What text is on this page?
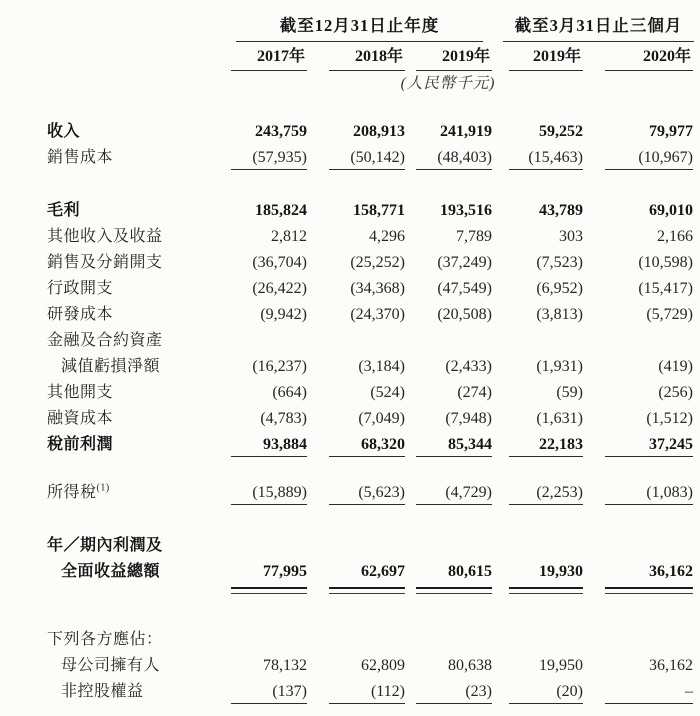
截至12月31日止年度	截至3月31日止三個月
2017年	2018年	2019年	2019年	2020年
(人民幣千元)
收入	243,759	208,913	241,919	59,252	79,977
銷售成本	(57,935)	(50,142)	(48,403)	(15,463)	(10,967)
毛利	185,824	158,771	193,516	43,789	69,010
其他收入及收益	2,812	4,296	7,789	303	2,166
銷售及分銷開支	(36,704)	(25,252)	(37,249)	(7,523)	(10,598)
行政開支	(26,422)	(34,368)	(47,549)	(6,952)	(15,417)
研發成本	(9,942)	(24,370)	(20,508)	(3,813)	(5,729)
金融及合約資產
減值虧損淨額	(16,237)	(3,184)	(2,433)	(1,931)	(419)
其他開支	(664)	(524)	(274)	(59)	(256)
融資成本	(4,783)	(7,049)	(7,948)	(1,631)	(1,512)
稅前利潤	93,884	68,320	85,344	22,183	37,245
所得稅$^{(1)}$	(15,889)	(5,623)	(4,729)	(2,253)	(1,083)
年／期內利潤及
全面收益總額	77,995	62,697	80,615	19,930	36,162
下列各方應佔：
母公司擁有人	78,132	62,809	80,638	19,950	36,162
非控股權益	(137)	(112)	(23)	(20)	–
